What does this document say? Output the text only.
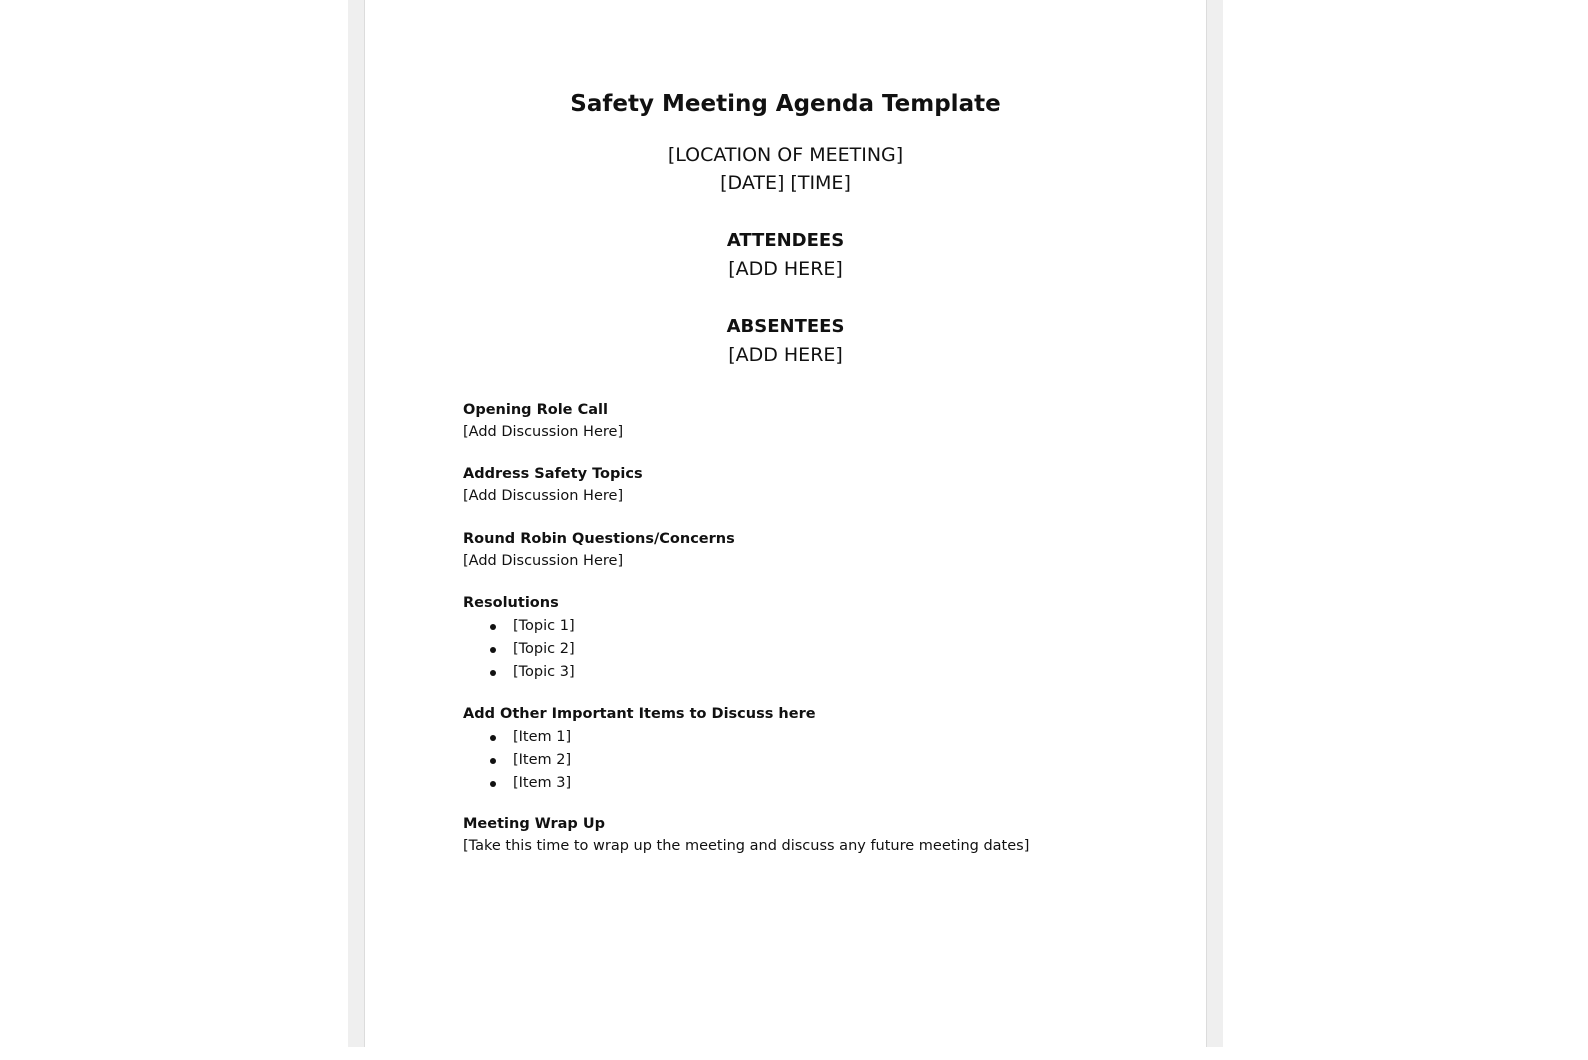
Safety Meeting Agenda Template
[LOCATION OF MEETING]
[DATE] [TIME]
ATTENDEES
[ADD HERE]
ABSENTEES
[ADD HERE]
Opening Role Call
[Add Discussion Here]
Address Safety Topics
[Add Discussion Here]
Round Robin Questions/Concerns
[Add Discussion Here]
Resolutions
[Topic 1]
[Topic 2]
[Topic 3]
Add Other Important Items to Discuss here
[Item 1]
[Item 2]
[Item 3]
Meeting Wrap Up
[Take this time to wrap up the meeting and discuss any future meeting dates]
